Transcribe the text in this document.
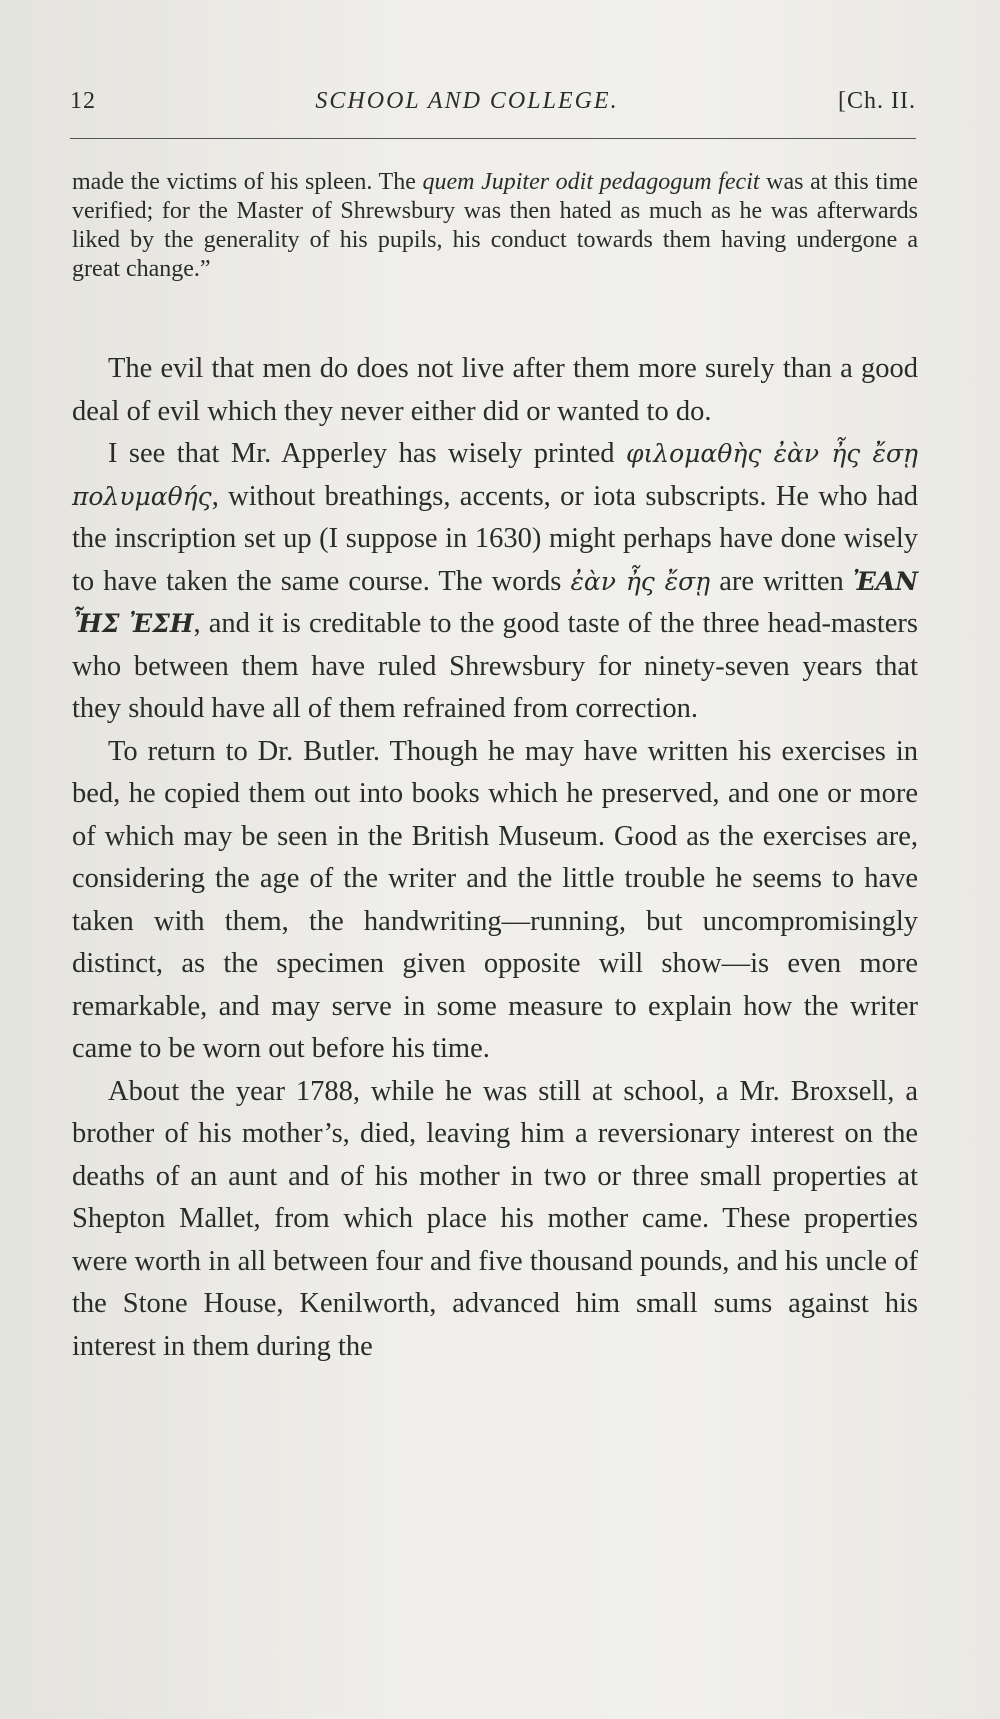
12	SCHOOL AND COLLEGE.	[Ch. II.
made the victims of his spleen. The quem Jupiter odit pedagogum fecit was at this time verified; for the Master of Shrewsbury was then hated as much as he was afterwards liked by the generality of his pupils, his conduct towards them having undergone a great change.”

The evil that men do does not live after them more surely than a good deal of evil which they never either did or wanted to do.

I see that Mr. Apperley has wisely printed φιλομαθὴς ἐὰν ἦς ἔσῃ πολυμαθής, without breathings, accents, or iota subscripts. He who had the inscription set up (I suppose in 1630) might perhaps have done wisely to have taken the same course. The words ἐὰν ἦς ἔσῃ are written ἘΑΝ ἮΣ ἘΣΗ, and it is creditable to the good taste of the three head-masters who between them have ruled Shrewsbury for ninety-seven years that they should have all of them refrained from correction.

To return to Dr. Butler. Though he may have written his exercises in bed, he copied them out into books which he preserved, and one or more of which may be seen in the British Museum. Good as the exercises are, considering the age of the writer and the little trouble he seems to have taken with them, the handwriting—running, but uncompromisingly distinct, as the specimen given opposite will show—is even more remarkable, and may serve in some measure to explain how the writer came to be worn out before his time.

About the year 1788, while he was still at school, a Mr. Broxsell, a brother of his mother’s, died, leaving him a reversionary interest on the deaths of an aunt and of his mother in two or three small properties at Shepton Mallet, from which place his mother came. These properties were worth in all between four and five thousand pounds, and his uncle of the Stone House, Kenilworth, advanced him small sums against his interest in them during the
